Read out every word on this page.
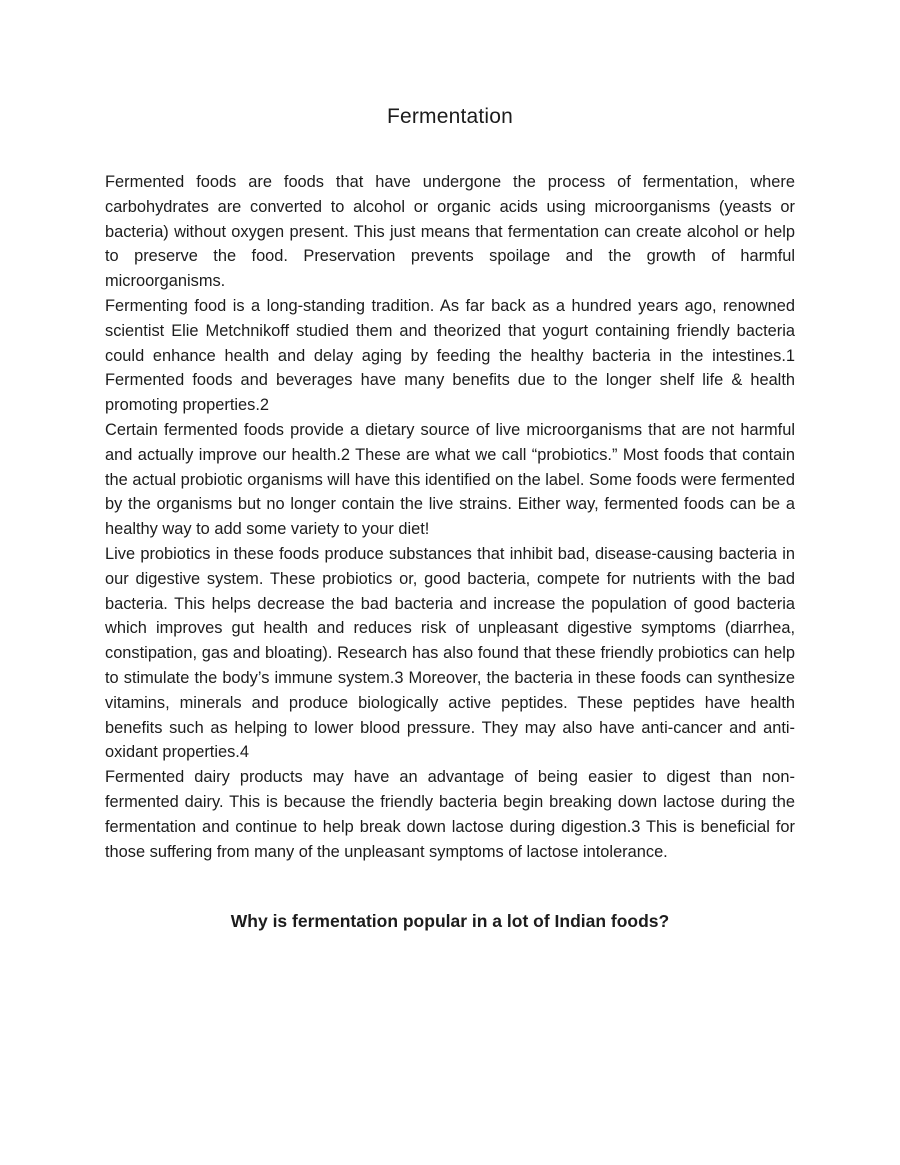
Fermentation

Fermented foods are foods that have undergone the process of fermentation, where carbohydrates are converted to alcohol or organic acids using microorganisms (yeasts or bacteria) without oxygen present. This just means that fermentation can create alcohol or help to preserve the food. Preservation prevents spoilage and the growth of harmful microorganisms.

Fermenting food is a long-standing tradition. As far back as a hundred years ago, renowned scientist Elie Metchnikoff studied them and theorized that yogurt containing friendly bacteria could enhance health and delay aging by feeding the healthy bacteria in the intestines.1 Fermented foods and beverages have many benefits due to the longer shelf life & health promoting properties.2

Certain fermented foods provide a dietary source of live microorganisms that are not harmful and actually improve our health.2 These are what we call “probiotics.” Most foods that contain the actual probiotic organisms will have this identified on the label. Some foods were fermented by the organisms but no longer contain the live strains. Either way, fermented foods can be a healthy way to add some variety to your diet!

Live probiotics in these foods produce substances that inhibit bad, disease-causing bacteria in our digestive system. These probiotics or, good bacteria, compete for nutrients with the bad bacteria. This helps decrease the bad bacteria and increase the population of good bacteria which improves gut health and reduces risk of unpleasant digestive symptoms (diarrhea, constipation, gas and bloating). Research has also found that these friendly probiotics can help to stimulate the body’s immune system.3 Moreover, the bacteria in these foods can synthesize vitamins, minerals and produce biologically active peptides. These peptides have health benefits such as helping to lower blood pressure. They may also have anti-cancer and anti-oxidant properties.4

Fermented dairy products may have an advantage of being easier to digest than non-fermented dairy. This is because the friendly bacteria begin breaking down lactose during the fermentation and continue to help break down lactose during digestion.3 This is beneficial for those suffering from many of the unpleasant symptoms of lactose intolerance.

Why is fermentation popular in a lot of Indian foods?
